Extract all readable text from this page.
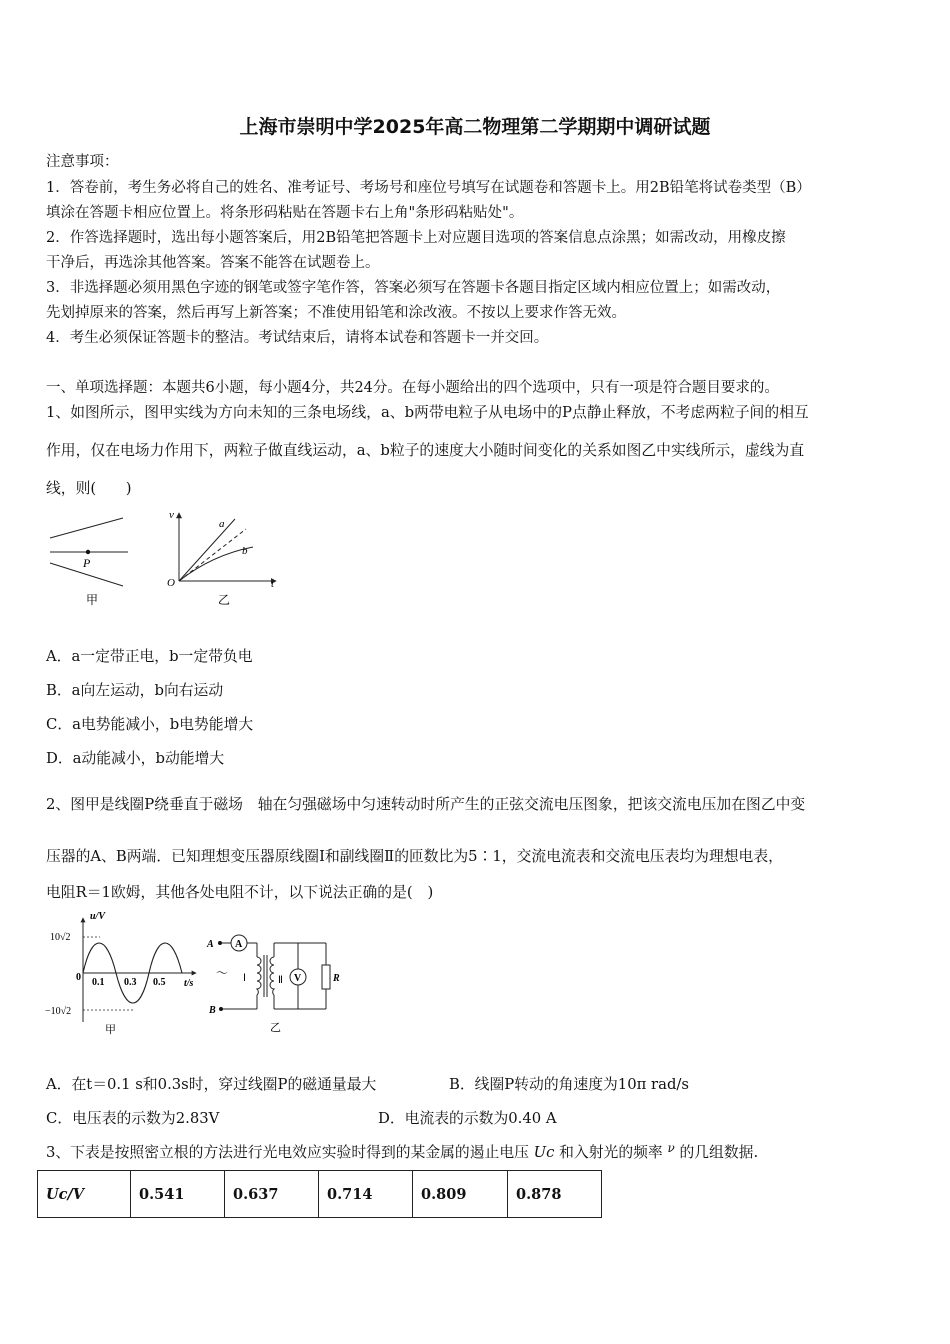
上海市崇明中学2025年高二物理第二学期期中调研试题
注意事项：
1．答卷前，考生务必将自己的姓名、准考证号、考场号和座位号填写在试题卷和答题卡上。用2B铅笔将试卷类型（B）
填涂在答题卡相应位置上。将条形码粘贴在答题卡右上角"条形码粘贴处"。
2．作答选择题时，选出每小题答案后，用2B铅笔把答题卡上对应题目选项的答案信息点涂黑；如需改动，用橡皮擦
干净后，再选涂其他答案。答案不能答在试题卷上。
3．非选择题必须用黑色字迹的钢笔或签字笔作答，答案必须写在答题卡各题目指定区域内相应位置上；如需改动，
先划掉原来的答案，然后再写上新答案；不准使用铅笔和涂改液。不按以上要求作答无效。
4．考生必须保证答题卡的整洁。考试结束后，请将本试卷和答题卡一并交回。
一、单项选择题：本题共6小题，每小题4分，共24分。在每小题给出的四个选项中，只有一项是符合题目要求的。
1、如图所示，图甲实线为方向未知的三条电场线，a、b两带电粒子从电场中的P点静止释放，不考虑两粒子间的相互
作用，仅在电场力作用下，两粒子做直线运动，a、b粒子的速度大小随时间变化的关系如图乙中实线所示，虚线为直
线，则(　　)
P
甲
v
t
O
a
b
乙
A．a一定带正电，b一定带负电
B．a向左运动，b向右运动
C．a电势能减小，b电势能增大
D．a动能减小，b动能增大
2、图甲是线圈P绕垂直于磁场　轴在匀强磁场中匀速转动时所产生的正弦交流电压图象，把该交流电压加在图乙中变
压器的A、B两端．已知理想变压器原线圈Ⅰ和副线圈Ⅱ的匝数比为5∶1，交流电流表和交流电压表均为理想电表，
电阻R＝1欧姆，其他各处电阻不计，以下说法正确的是(　)
u/V
t/s
10√2
−10√2
0 0.1 0.3 0.5
甲
A
B
A
～ Ⅰ	Ⅱ V	R
乙
A．在t＝0.1 s和0.3s时，穿过线圈P的磁通量最大	B．线圈P转动的角速度为10π rad/s
C．电压表的示数为2.83V	D．电流表的示数为0.40 A
3、下表是按照密立根的方法进行光电效应实验时得到的某金属的遏止电压 Uc 和入射光的频率 $^\nu$ 的几组数据.
Uc/V	0.541	0.637	0.714	0.809	0.878
